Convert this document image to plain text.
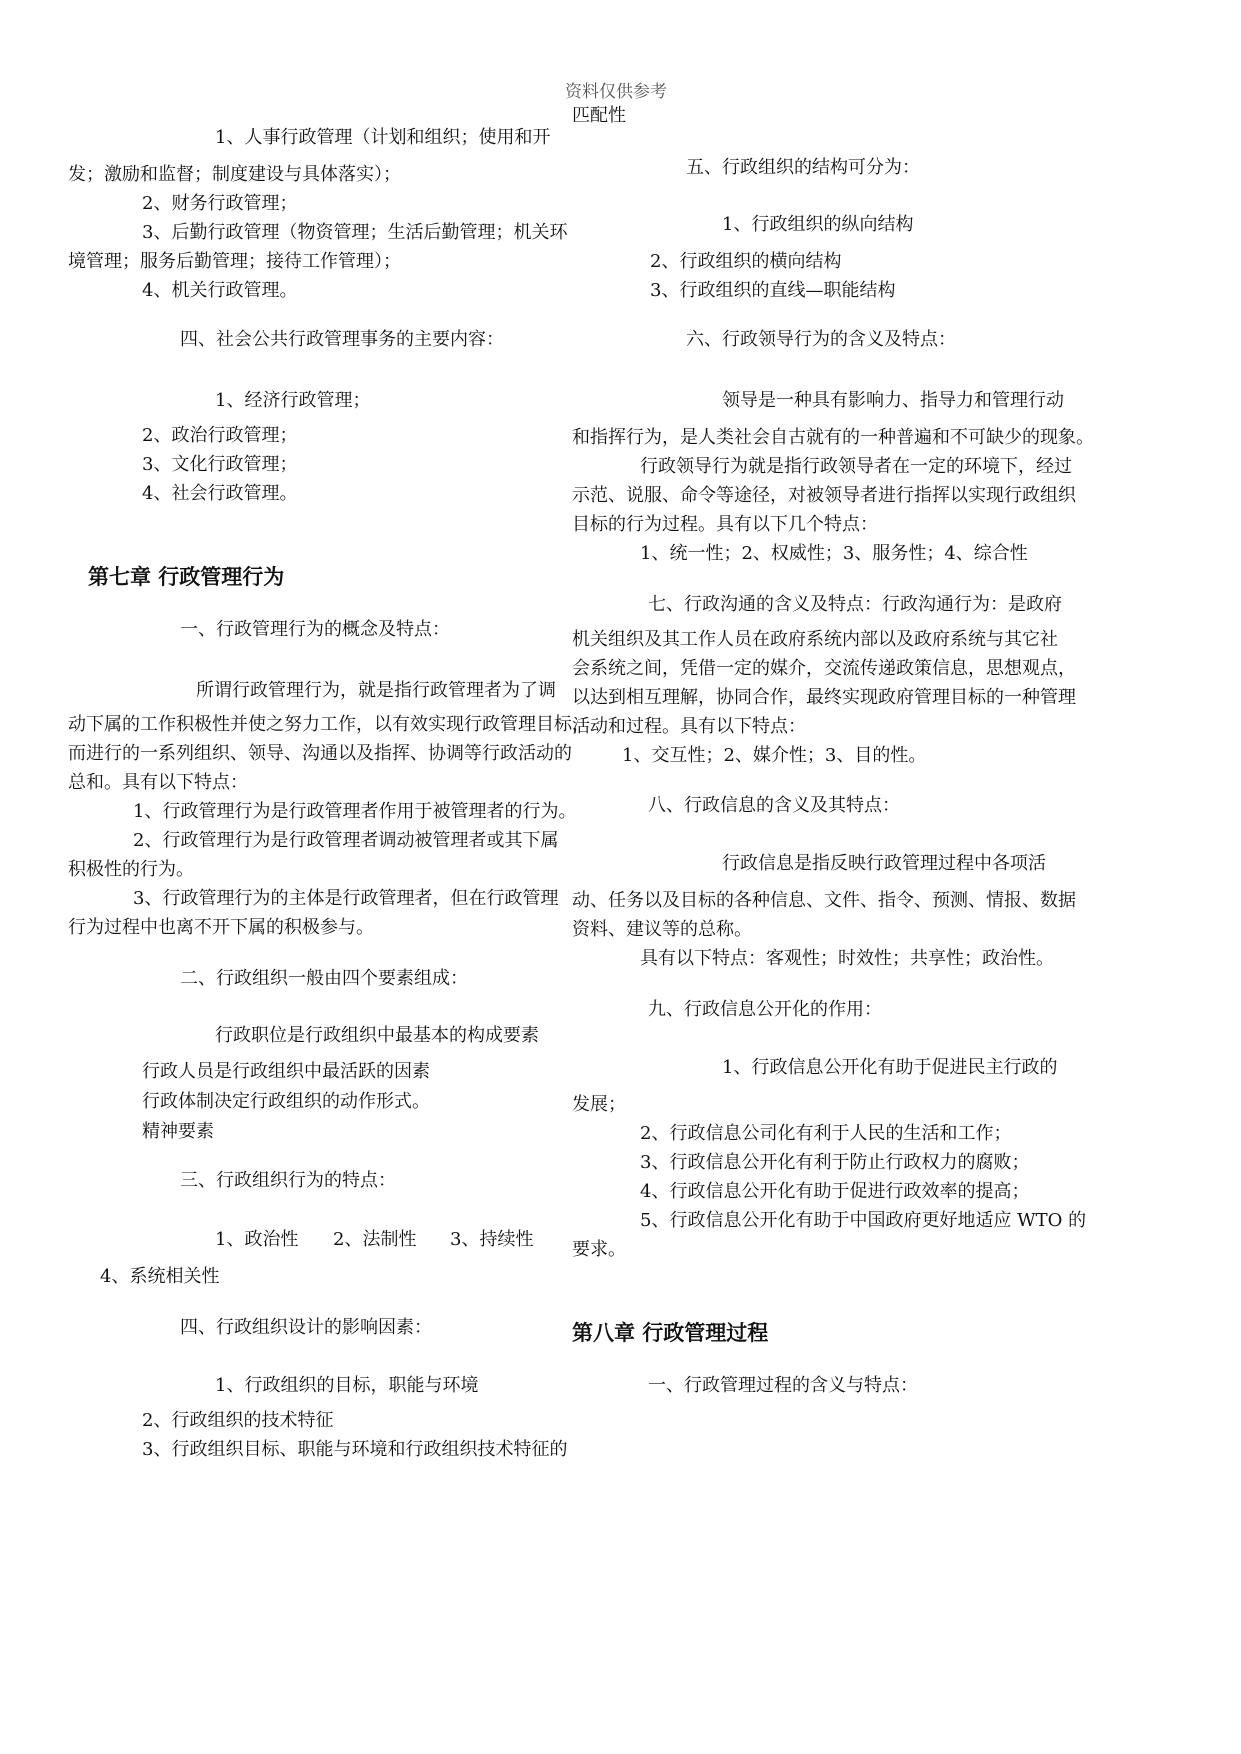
资料仅供参考
1、人事行政管理（计划和组织；使用和开
发；激励和监督；制度建设与具体落实）；
2、财务行政管理；
3、后勤行政管理（物资管理；生活后勤管理；机关环
境管理；服务后勤管理；接待工作管理）；
4、机关行政管理。
四、社会公共行政管理事务的主要内容：
1、经济行政管理；
2、政治行政管理；
3、文化行政管理；
4、社会行政管理。
第七章 行政管理行为
一、行政管理行为的概念及特点：
所谓行政管理行为，就是指行政管理者为了调
动下属的工作积极性并使之努力工作，以有效实现行政管理目标，
而进行的一系列组织、领导、沟通以及指挥、协调等行政活动的
总和。具有以下特点：
1、行政管理行为是行政管理者作用于被管理者的行为。
2、行政管理行为是行政管理者调动被管理者或其下属
积极性的行为。
3、行政管理行为的主体是行政管理者，但在行政管理
行为过程中也离不开下属的积极参与。
二、行政组织一般由四个要素组成：
行政职位是行政组织中最基本的构成要素
行政人员是行政组织中最活跃的因素
行政体制决定行政组织的动作形式。
精神要素
三、行政组织行为的特点：
1、政治性 2、法制性 3、持续性
4、系统相关性
四、行政组织设计的影响因素：
1、行政组织的目标，职能与环境
2、行政组织的技术特征
3、行政组织目标、职能与环境和行政组织技术特征的
匹配性
五、行政组织的结构可分为：
1、行政组织的纵向结构
2、行政组织的横向结构
3、行政组织的直线—职能结构
六、行政领导行为的含义及特点：
领导是一种具有影响力、指导力和管理行动
和指挥行为，是人类社会自古就有的一种普遍和不可缺少的现象。
行政领导行为就是指行政领导者在一定的环境下，经过
示范、说服、命令等途径，对被领导者进行指挥以实现行政组织
目标的行为过程。具有以下几个特点：
1、统一性；2、权威性；3、服务性；4、综合性
七、行政沟通的含义及特点：行政沟通行为：是政府
机关组织及其工作人员在政府系统内部以及政府系统与其它社
会系统之间，凭借一定的媒介，交流传递政策信息，思想观点，
以达到相互理解，协同合作，最终实现政府管理目标的一种管理
活动和过程。具有以下特点：
1、交互性；2、媒介性；3、目的性。
八、行政信息的含义及其特点：
行政信息是指反映行政管理过程中各项活
动、任务以及目标的各种信息、文件、指令、预测、情报、数据
资料、建议等的总称。
具有以下特点：客观性；时效性；共享性；政治性。
九、行政信息公开化的作用：
1、行政信息公开化有助于促进民主行政的
发展；
2、行政信息公司化有利于人民的生活和工作；
3、行政信息公开化有利于防止行政权力的腐败；
4、行政信息公开化有助于促进行政效率的提高；
5、行政信息公开化有助于中国政府更好地适应 WTO 的
要求。
第八章 行政管理过程
一、行政管理过程的含义与特点：
